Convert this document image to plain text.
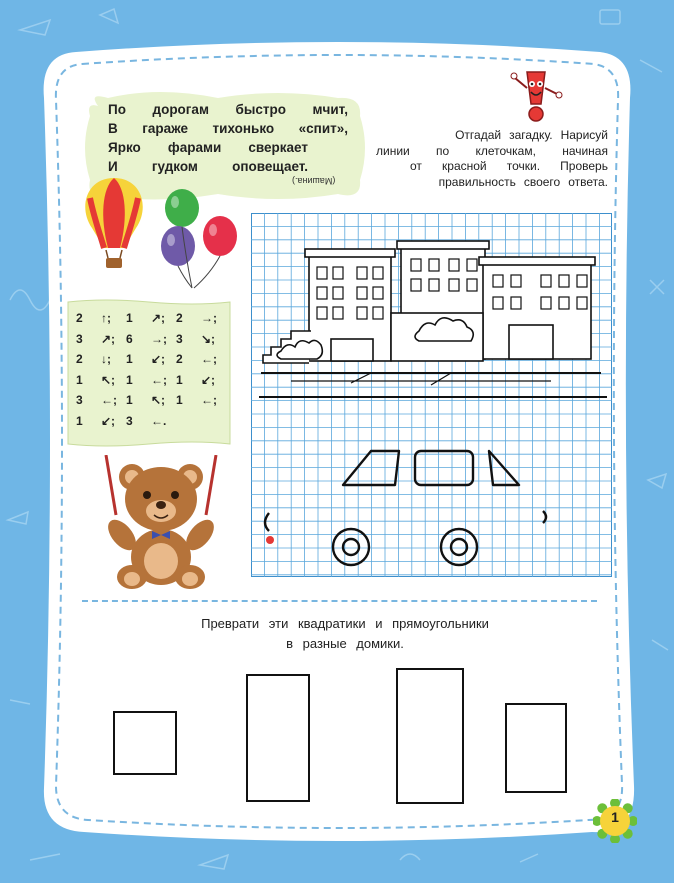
По дорогам быстро мчит,
В гараже тихонько «спит»,
Ярко фарами сверкает
И	гудком	оповещает.
(Машина.)
Отгадай загадку. Нарисуй
линии по клеточкам, начиная
от красной точки. Проверь
правильность своего ответа.
2	↑;	1	↗; 2	→;
3	↗; 6	→; 3	↘;
2	↓;	1	↙; 2	←;
1	↖; 1	←; 1	↙;
3	←; 1	↖; 1	←;
1	↙; 3	←.
Преврати эти квадратики и прямоугольники
в разные домики.
1
